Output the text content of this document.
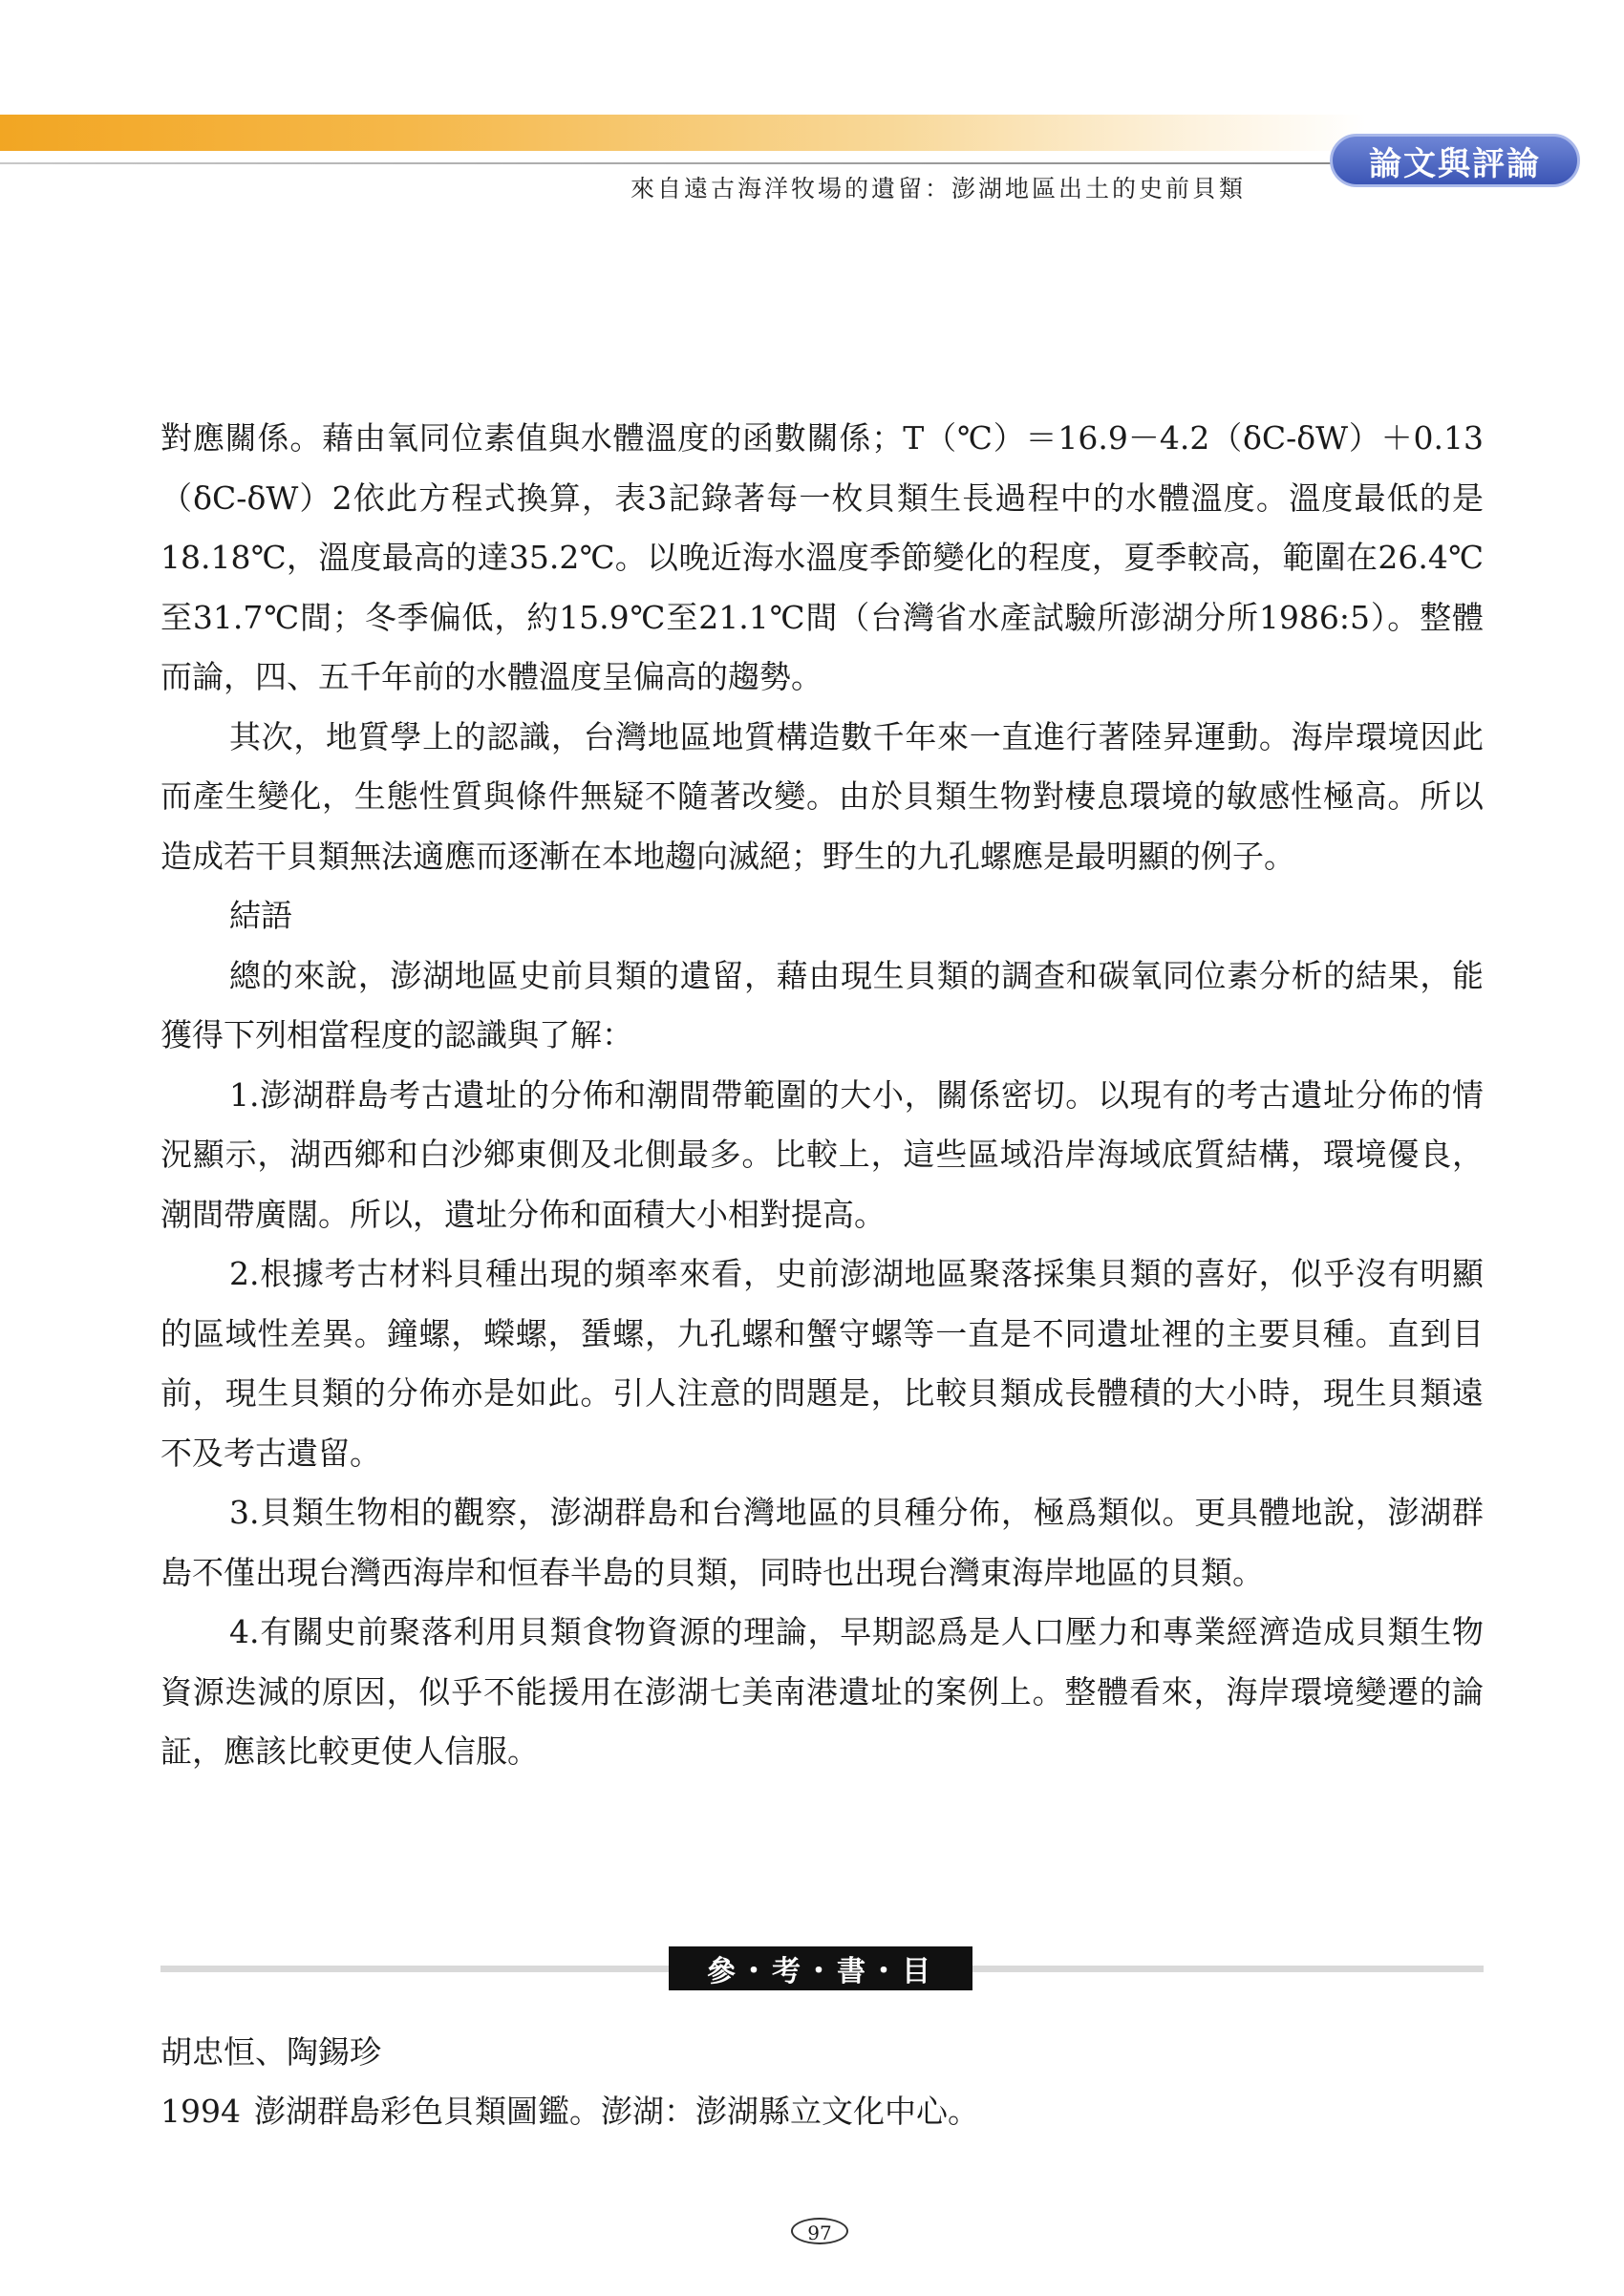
論文與評論
來自遠古海洋牧場的遺留：澎湖地區出土的史前貝類

對應關係。藉由氧同位素值與水體溫度的函數關係；T（℃）＝16.9－4.2（δC-δW）＋0.13（δC-δW）2依此方程式換算，表3記錄著每一枚貝類生長過程中的水體溫度。溫度最低的是18.18℃，溫度最高的達35.2℃。以晚近海水溫度季節變化的程度，夏季較高，範圍在26.4℃至31.7℃間；冬季偏低，約15.9℃至21.1℃間（台灣省水產試驗所澎湖分所1986:5）。整體而論，四、五千年前的水體溫度呈偏高的趨勢。

其次，地質學上的認識，台灣地區地質構造數千年來一直進行著陸昇運動。海岸環境因此而產生變化，生態性質與條件無疑不隨著改變。由於貝類生物對棲息環境的敏感性極高。所以造成若干貝類無法適應而逐漸在本地趨向滅絕；野生的九孔螺應是最明顯的例子。

結語

總的來說，澎湖地區史前貝類的遺留，藉由現生貝類的調查和碳氧同位素分析的結果，能獲得下列相當程度的認識與了解：

1.澎湖群島考古遺址的分佈和潮間帶範圍的大小，關係密切。以現有的考古遺址分佈的情況顯示，湖西鄉和白沙鄉東側及北側最多。比較上，這些區域沿岸海域底質結構，環境優良，潮間帶廣闊。所以，遺址分佈和面積大小相對提高。

2.根據考古材料貝種出現的頻率來看，史前澎湖地區聚落採集貝類的喜好，似乎沒有明顯的區域性差異。鐘螺，蠑螺，蜑螺，九孔螺和蟹守螺等一直是不同遺址裡的主要貝種。直到目前，現生貝類的分佈亦是如此。引人注意的問題是，比較貝類成長體積的大小時，現生貝類遠不及考古遺留。

3.貝類生物相的觀察，澎湖群島和台灣地區的貝種分佈，極爲類似。更具體地說，澎湖群島不僅出現台灣西海岸和恒春半島的貝類，同時也出現台灣東海岸地區的貝類。

4.有關史前聚落利用貝類食物資源的理論，早期認爲是人口壓力和專業經濟造成貝類生物資源迭減的原因，似乎不能援用在澎湖七美南港遺址的案例上。整體看來，海岸環境變遷的論証，應該比較更使人信服。

參・考・書・目
胡忠恒、陶錫珍
1994 澎湖群島彩色貝類圖鑑。澎湖：澎湖縣立文化中心。
97
